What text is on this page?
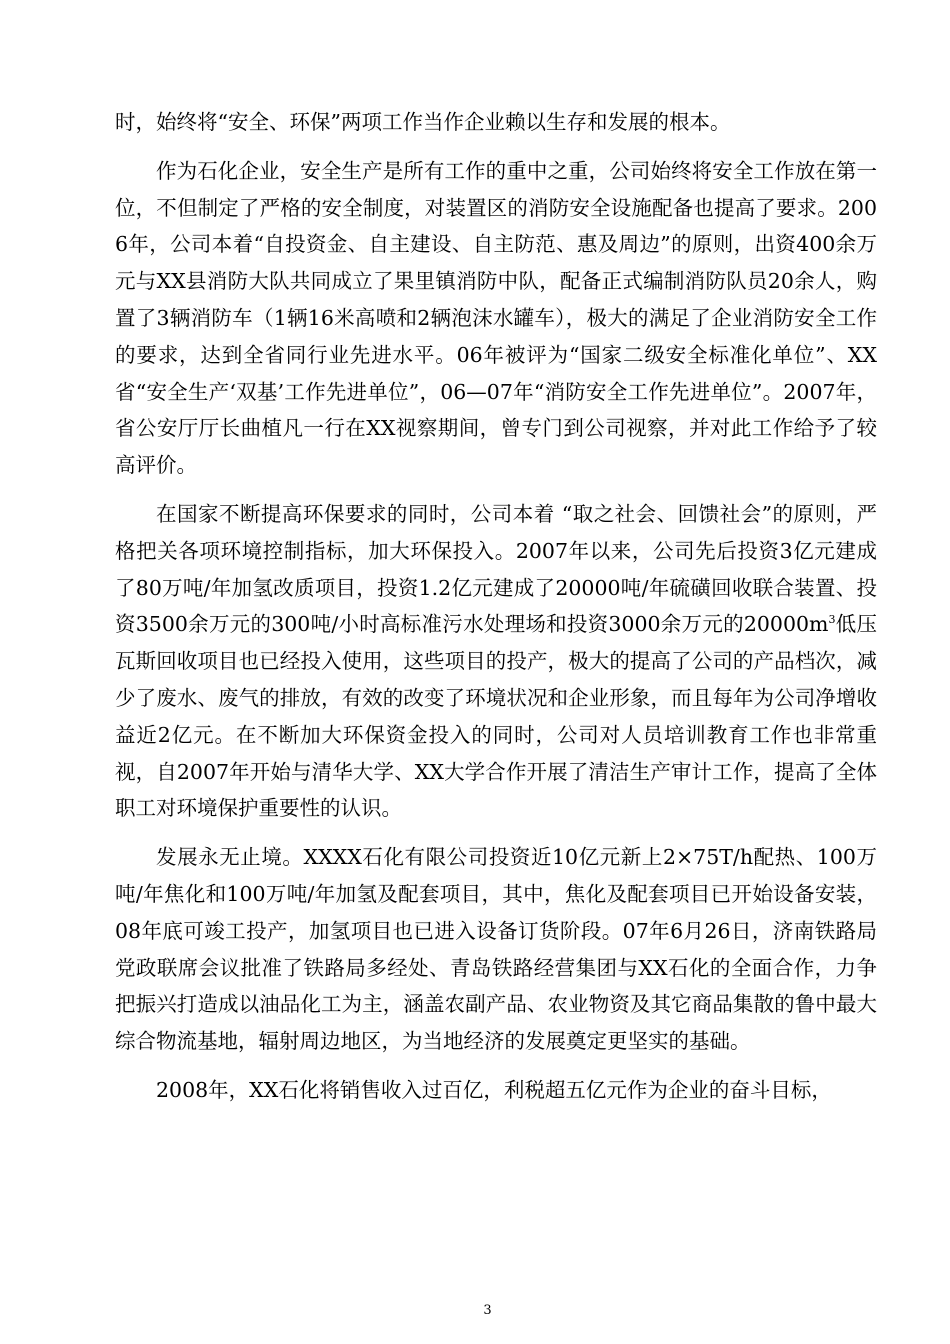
时，始终将“安全、环保”两项工作当作企业赖以生存和发展的根本。

作为石化企业，安全生产是所有工作的重中之重，公司始终将安全工作放在第一位，不但制定了严格的安全制度，对装置区的消防安全设施配备也提高了要求。2006年，公司本着“自投资金、自主建设、自主防范、惠及周边”的原则，出资400余万元与XX县消防大队共同成立了果里镇消防中队，配备正式编制消防队员20余人，购置了3辆消防车（1辆16米高喷和2辆泡沫水罐车），极大的满足了企业消防安全工作的要求，达到全省同行业先进水平。06年被评为“国家二级安全标准化单位”、XX省“安全生产‘双基’工作先进单位”，06—07年“消防安全工作先进单位”。2007年，省公安厅厅长曲植凡一行在XX视察期间，曾专门到公司视察，并对此工作给予了较高评价。

在国家不断提高环保要求的同时，公司本着 “取之社会、回馈社会”的原则，严格把关各项环境控制指标，加大环保投入。2007年以来，公司先后投资3亿元建成了80万吨/年加氢改质项目，投资1.2亿元建成了20000吨/年硫磺回收联合装置、投资3500余万元的300吨/小时高标准污水处理场和投资3000余万元的$20000m^3$低压瓦斯回收项目也已经投入使用，这些项目的投产，极大的提高了公司的产品档次，减少了废水、废气的排放，有效的改变了环境状况和企业形象，而且每年为公司净增收益近2亿元。在不断加大环保资金投入的同时，公司对人员培训教育工作也非常重视，自2007年开始与清华大学、XX大学合作开展了清洁生产审计工作，提高了全体职工对环境保护重要性的认识。

发展永无止境。XXXX石化有限公司投资近10亿元新上2×75T/h配热、100万吨/年焦化和100万吨/年加氢及配套项目，其中，焦化及配套项目已开始设备安装，08年底可竣工投产，加氢项目也已进入设备订货阶段。07年6月26日，济南铁路局党政联席会议批准了铁路局多经处、青岛铁路经营集团与XX石化的全面合作，力争把振兴打造成以油品化工为主，涵盖农副产品、农业物资及其它商品集散的鲁中最大综合物流基地，辐射周边地区，为当地经济的发展奠定更坚实的基础。

2008年，XX石化将销售收入过百亿，利税超五亿元作为企业的奋斗目标，

3
